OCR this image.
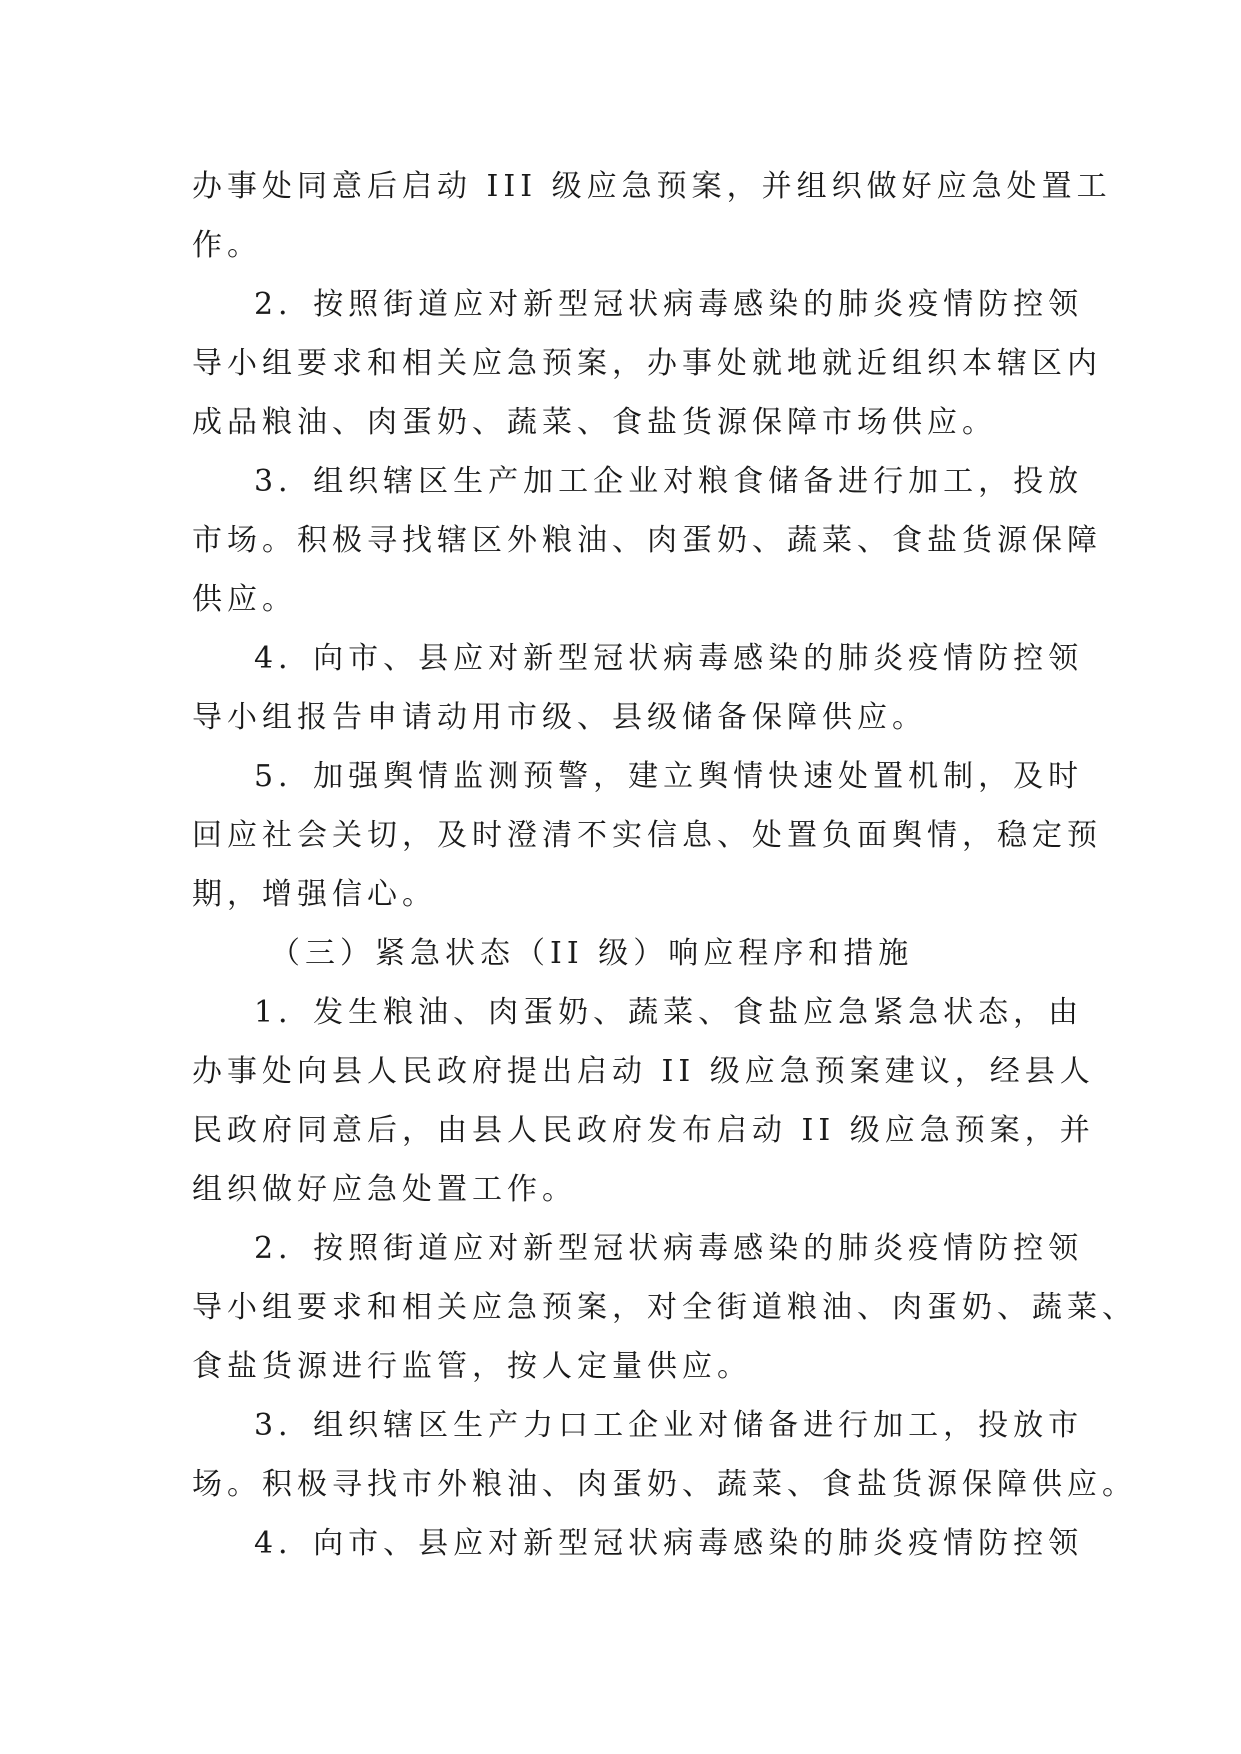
办事处同意后启动 III 级应急预案，并组织做好应急处置工
作。

2．按照街道应对新型冠状病毒感染的肺炎疫情防控领
导小组要求和相关应急预案，办事处就地就近组织本辖区内
成品粮油、肉蛋奶、蔬菜、食盐货源保障市场供应。

3．组织辖区生产加工企业对粮食储备进行加工，投放
市场。积极寻找辖区外粮油、肉蛋奶、蔬菜、食盐货源保障
供应。

4．向市、县应对新型冠状病毒感染的肺炎疫情防控领
导小组报告申请动用市级、县级储备保障供应。

5．加强舆情监测预警，建立舆情快速处置机制，及时
回应社会关切，及时澄清不实信息、处置负面舆情，稳定预
期，增强信心。

（三）紧急状态（II 级）响应程序和措施

1．发生粮油、肉蛋奶、蔬菜、食盐应急紧急状态，由
办事处向县人民政府提出启动 II 级应急预案建议，经县人
民政府同意后，由县人民政府发布启动 II 级应急预案，并
组织做好应急处置工作。

2．按照街道应对新型冠状病毒感染的肺炎疫情防控领
导小组要求和相关应急预案，对全街道粮油、肉蛋奶、蔬菜、
食盐货源进行监管，按人定量供应。

3．组织辖区生产力口工企业对储备进行加工，投放市
场。积极寻找市外粮油、肉蛋奶、蔬菜、食盐货源保障供应。

4．向市、县应对新型冠状病毒感染的肺炎疫情防控领
